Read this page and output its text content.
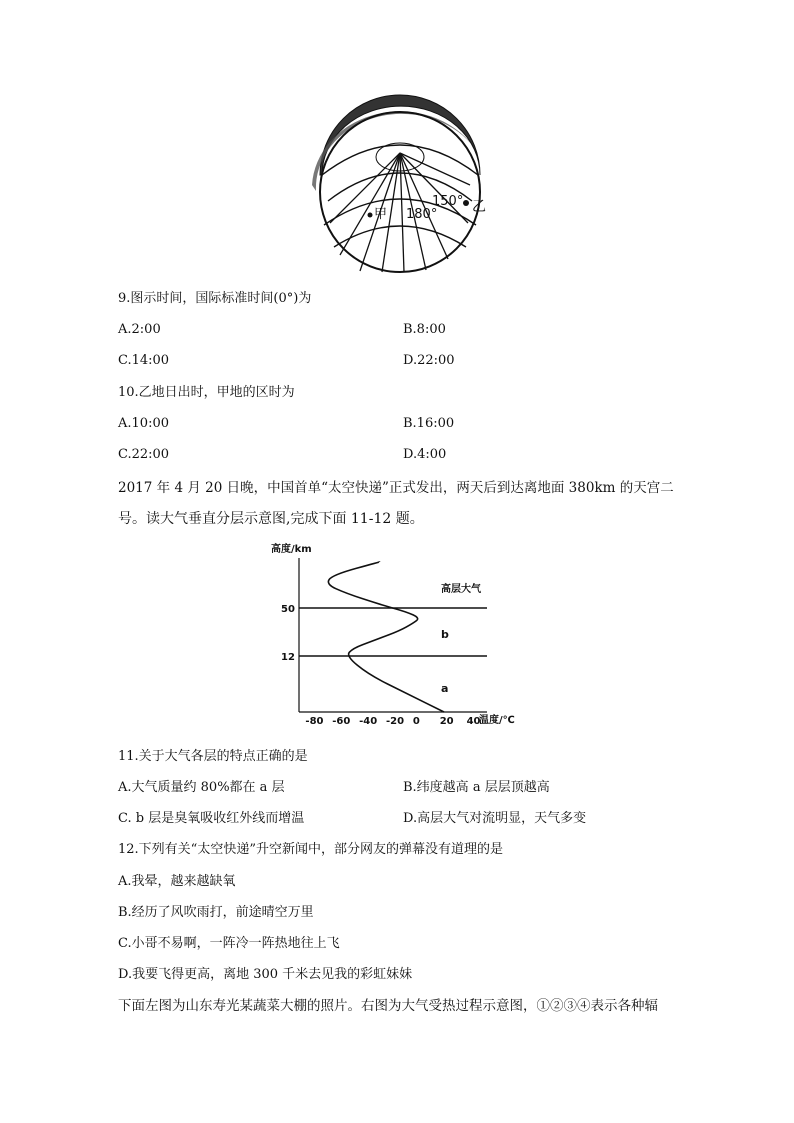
甲 180°
150° 乙
9.图示时间，国际标准时间(0°)为
A.2:00	B.8:00
C.14:00	D.22:00
10.乙地日出时，甲地的区时为
A.10:00	B.16:00
C.22:00	D.4:00
2017 年 4 月 20 日晚，中国首单“太空快递”正式发出，两天后到达离地面 380km 的天宫二
号。读大气垂直分层示意图,完成下面 11-12 题。
高度/km
50
12
高层大气
b
a
温度/℃
-80 -60 -40 -20 0 20 40
11.关于大气各层的特点正确的是
A.大气质量约 80%都在 a 层	B.纬度越高 a 层层顶越高
C. b 层是臭氧吸收红外线而增温	D.高层大气对流明显，天气多变
12.下列有关“太空快递”升空新闻中，部分网友的弹幕没有道理的是
A.我晕，越来越缺氧
B.经历了风吹雨打，前途晴空万里
C.小哥不易啊，一阵冷一阵热地往上飞
D.我要飞得更高，离地 300 千米去见我的彩虹妹妹
下面左图为山东寿光某蔬菜大棚的照片。右图为大气受热过程示意图，①②③④表示各种辐
